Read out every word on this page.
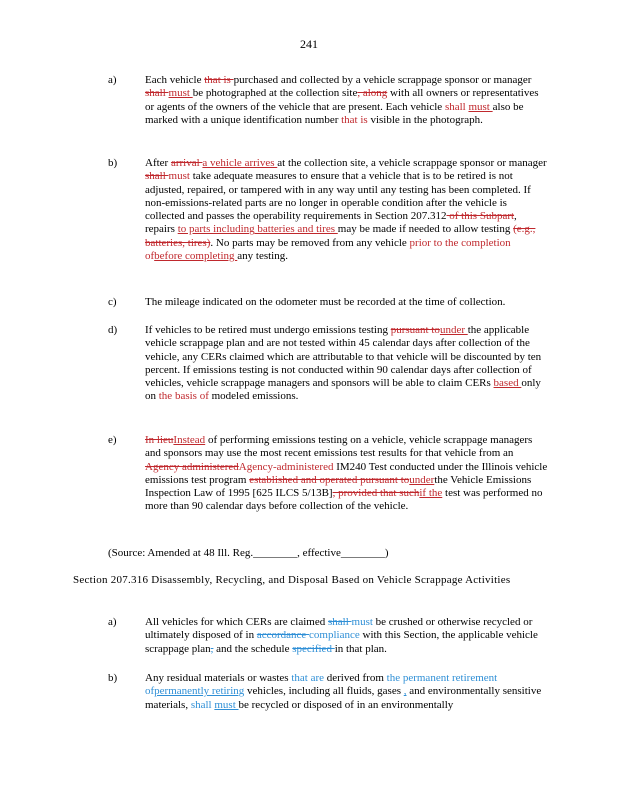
241
a)	Each vehicle that is purchased and collected by a vehicle scrappage sponsor or manager shall must be photographed at the collection site, along with all owners or representatives or agents of the owners of the vehicle that are present. Each vehicle shall must also be marked with a unique identification number that is visible in the photograph.
b)	After arrival a vehicle arrives at the collection site, a vehicle scrappage sponsor or manager shall must take adequate measures to ensure that a vehicle that is to be retired is not adjusted, repaired, or tampered with in any way until any testing has been completed. If non-emissions-related parts are no longer in operable condition after the vehicle is collected and passes the operability requirements in Section 207.312 of this Subpart, repairs to parts including batteries and tires may be made if needed to allow testing (e.g., batteries, tires). No parts may be removed from any vehicle prior to the completion ofbefore completing any testing.
c)	The mileage indicated on the odometer must be recorded at the time of collection.
d)	If vehicles to be retired must undergo emissions testing pursuant tounder the applicable vehicle scrappage plan and are not tested within 45 calendar days after collection of the vehicle, any CERs claimed which are attributable to that vehicle will be discounted by ten percent. If emissions testing is not conducted within 90 calendar days after collection of vehicles, vehicle scrappage managers and sponsors will be able to claim CERs based only on the basis of modeled emissions.
e)	In lieuInstead of performing emissions testing on a vehicle, vehicle scrappage managers and sponsors may use the most recent emissions test results for that vehicle from an Agency administeredAgency-administered IM240 Test conducted under the Illinois vehicle emissions test program established and operated pursuant tounderthe Vehicle Emissions Inspection Law of 1995 [625 ILCS 5/13B], provided that suchif the test was performed no more than 90 calendar days before collection of the vehicle.
(Source: Amended at 48 Ill. Reg.________, effective________)
Section 207.316 Disassembly, Recycling, and Disposal Based on Vehicle Scrappage Activities
a)	All vehicles for which CERs are claimed shall must be crushed or otherwise recycled or ultimately disposed of in accordance compliance with this Section, the applicable vehicle scrappage plan, and the schedule specified in that plan.
b)	Any residual materials or wastes that are derived from the permanent retirement ofpermanently retiring vehicles, including all fluids, gases , and environmentally sensitive materials, shall must be recycled or disposed of in an environmentally
